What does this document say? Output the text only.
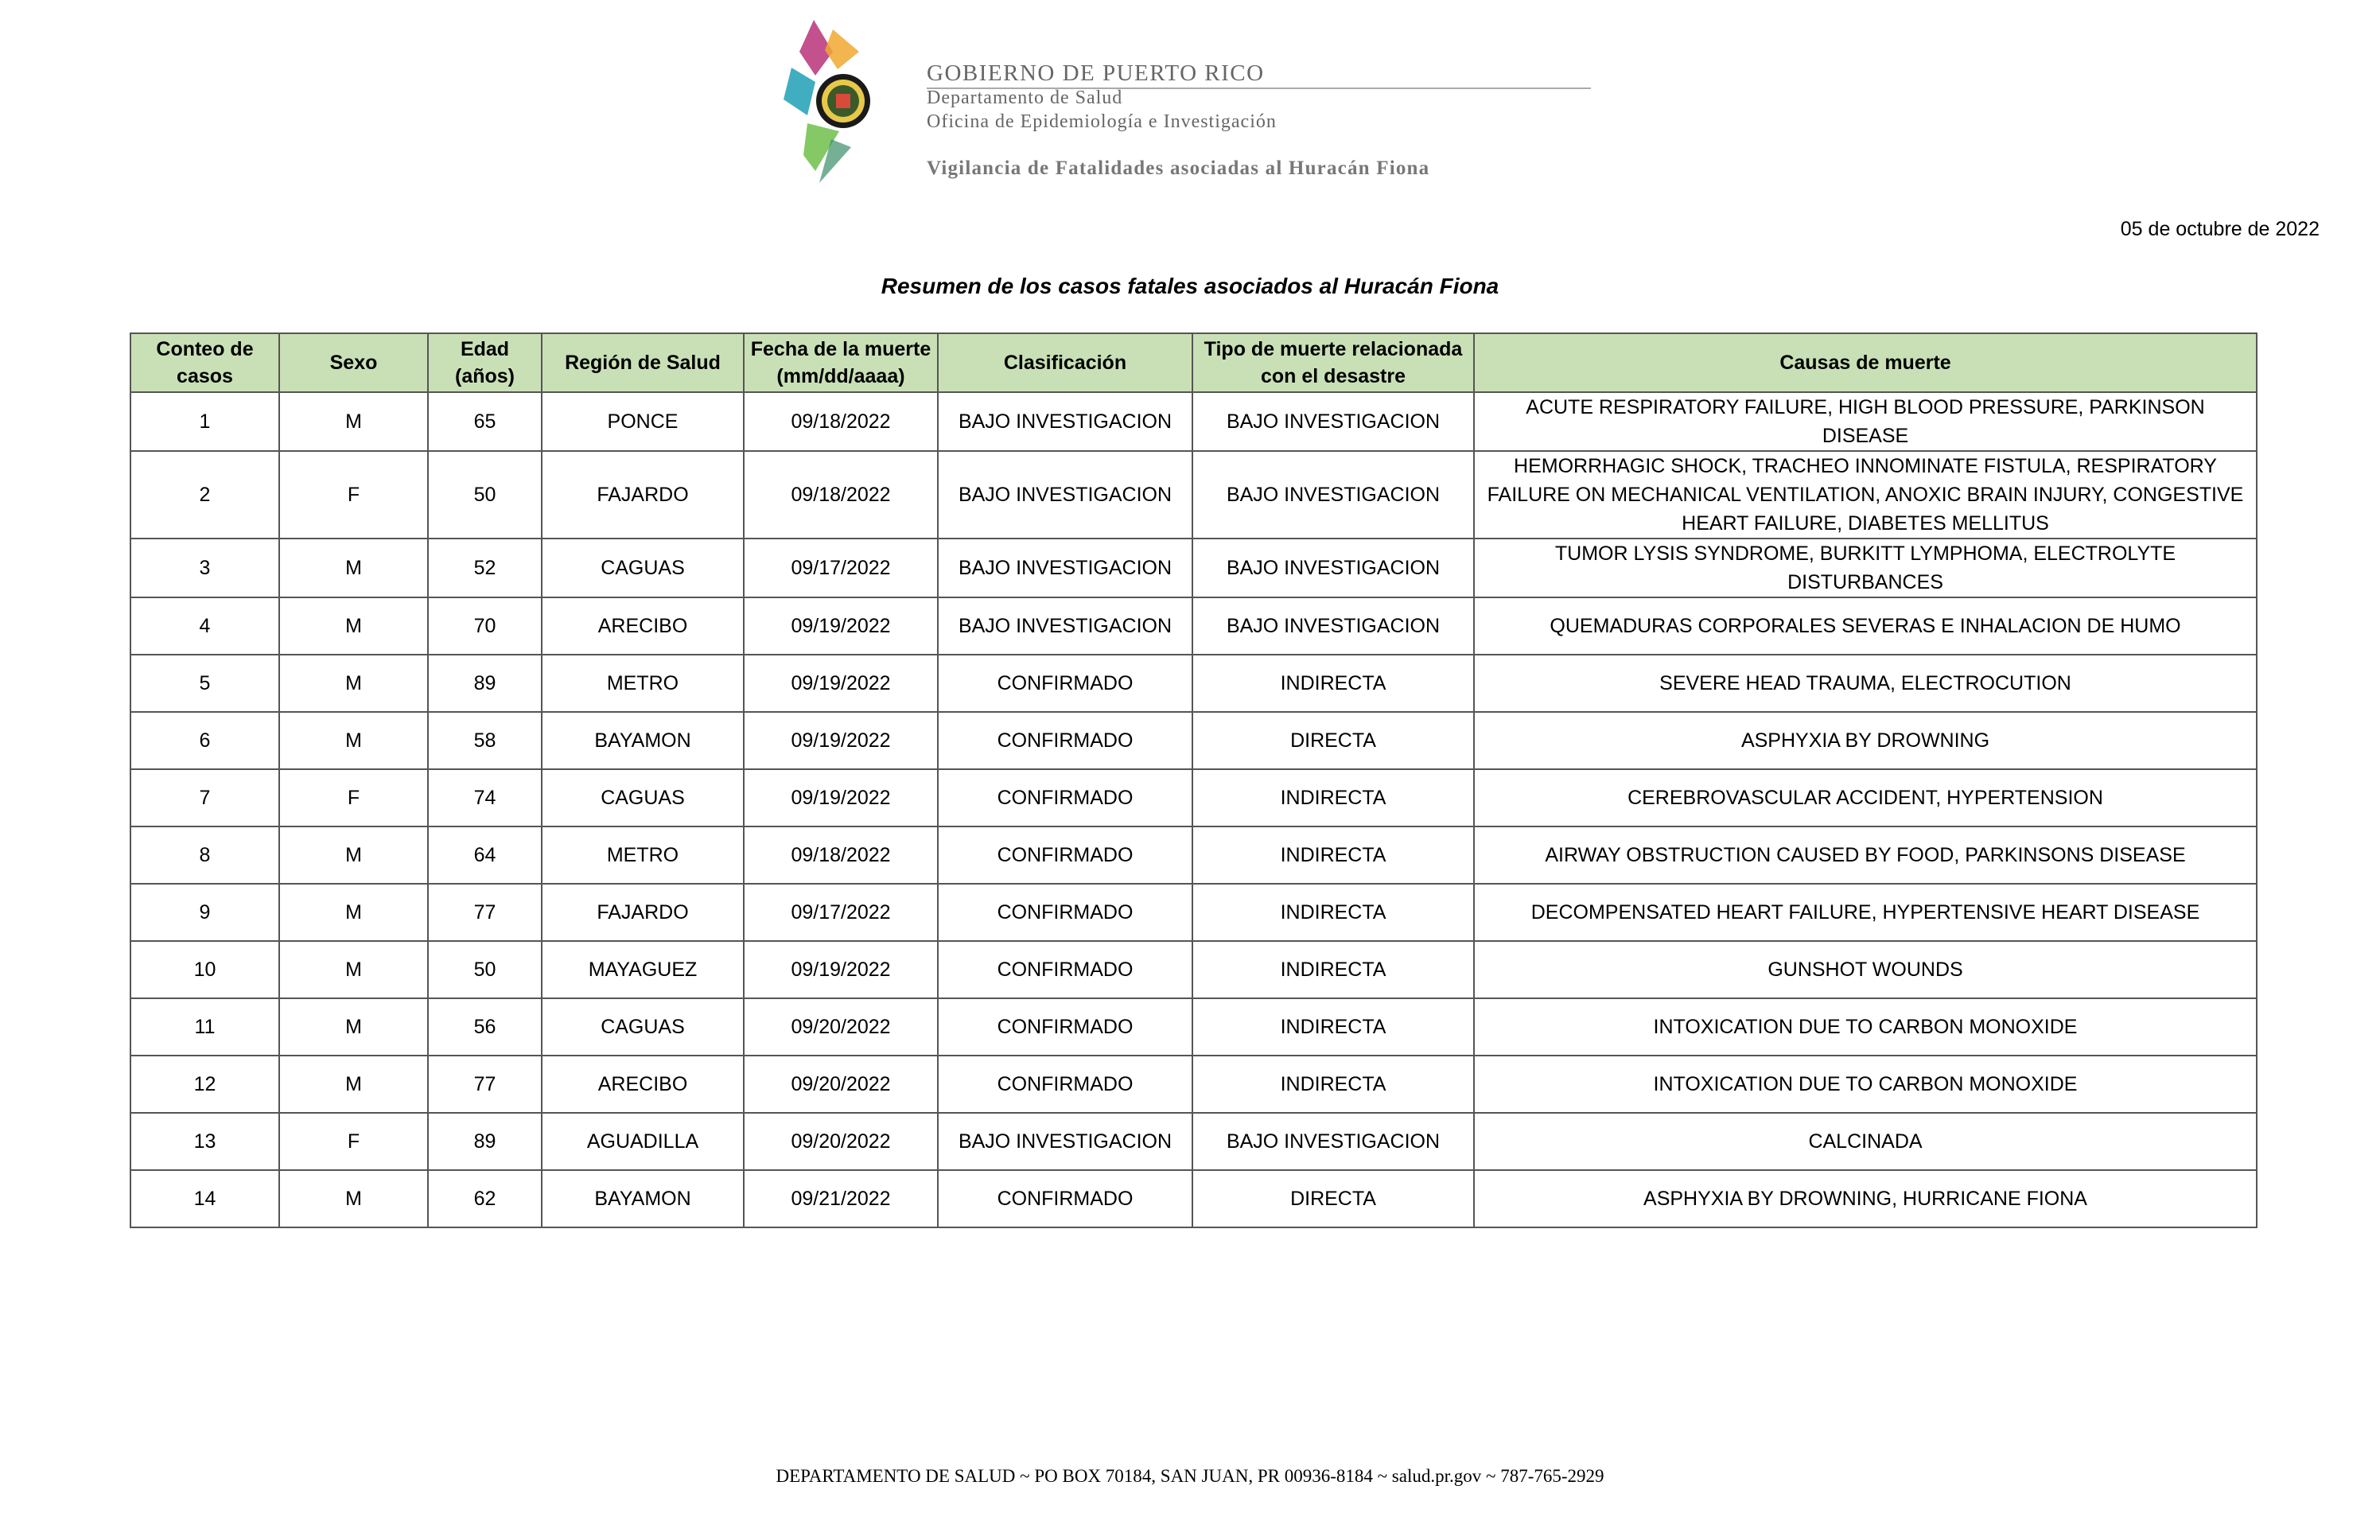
GOBIERNO DE PUERTO RICO
Departamento de Salud
Oficina de Epidemiología e Investigación
Vigilancia de Fatalidades asociadas al Huracán Fiona
05 de octubre de 2022
Resumen de los casos fatales asociados al Huracán Fiona
Conteo de casos	Sexo	Edad (años)	Región de Salud	Fecha de la muerte (mm/dd/aaaa)	Clasificación	Tipo de muerte relacionada con el desastre	Causas de muerte
1	M	65	PONCE	09/18/2022	BAJO INVESTIGACION	BAJO INVESTIGACION	ACUTE RESPIRATORY FAILURE, HIGH BLOOD PRESSURE, PARKINSON DISEASE
2	F	50	FAJARDO	09/18/2022	BAJO INVESTIGACION	BAJO INVESTIGACION	HEMORRHAGIC SHOCK, TRACHEO INNOMINATE FISTULA, RESPIRATORY FAILURE ON MECHANICAL VENTILATION, ANOXIC BRAIN INJURY, CONGESTIVE HEART FAILURE, DIABETES MELLITUS
3	M	52	CAGUAS	09/17/2022	BAJO INVESTIGACION	BAJO INVESTIGACION	TUMOR LYSIS SYNDROME, BURKITT LYMPHOMA, ELECTROLYTE DISTURBANCES
4	M	70	ARECIBO	09/19/2022	BAJO INVESTIGACION	BAJO INVESTIGACION	QUEMADURAS CORPORALES SEVERAS E INHALACION DE HUMO
5	M	89	METRO	09/19/2022	CONFIRMADO	INDIRECTA	SEVERE HEAD TRAUMA, ELECTROCUTION
6	M	58	BAYAMON	09/19/2022	CONFIRMADO	DIRECTA	ASPHYXIA BY DROWNING
7	F	74	CAGUAS	09/19/2022	CONFIRMADO	INDIRECTA	CEREBROVASCULAR ACCIDENT, HYPERTENSION
8	M	64	METRO	09/18/2022	CONFIRMADO	INDIRECTA	AIRWAY OBSTRUCTION CAUSED BY FOOD, PARKINSONS DISEASE
9	M	77	FAJARDO	09/17/2022	CONFIRMADO	INDIRECTA	DECOMPENSATED HEART FAILURE, HYPERTENSIVE HEART DISEASE
10	M	50	MAYAGUEZ	09/19/2022	CONFIRMADO	INDIRECTA	GUNSHOT WOUNDS
11	M	56	CAGUAS	09/20/2022	CONFIRMADO	INDIRECTA	INTOXICATION DUE TO CARBON MONOXIDE
12	M	77	ARECIBO	09/20/2022	CONFIRMADO	INDIRECTA	INTOXICATION DUE TO CARBON MONOXIDE
13	F	89	AGUADILLA	09/20/2022	BAJO INVESTIGACION	BAJO INVESTIGACION	CALCINADA
14	M	62	BAYAMON	09/21/2022	CONFIRMADO	DIRECTA	ASPHYXIA BY DROWNING, HURRICANE FIONA
DEPARTAMENTO DE SALUD ~ PO BOX 70184, SAN JUAN, PR 00936-8184 ~ salud.pr.gov ~ 787-765-2929
